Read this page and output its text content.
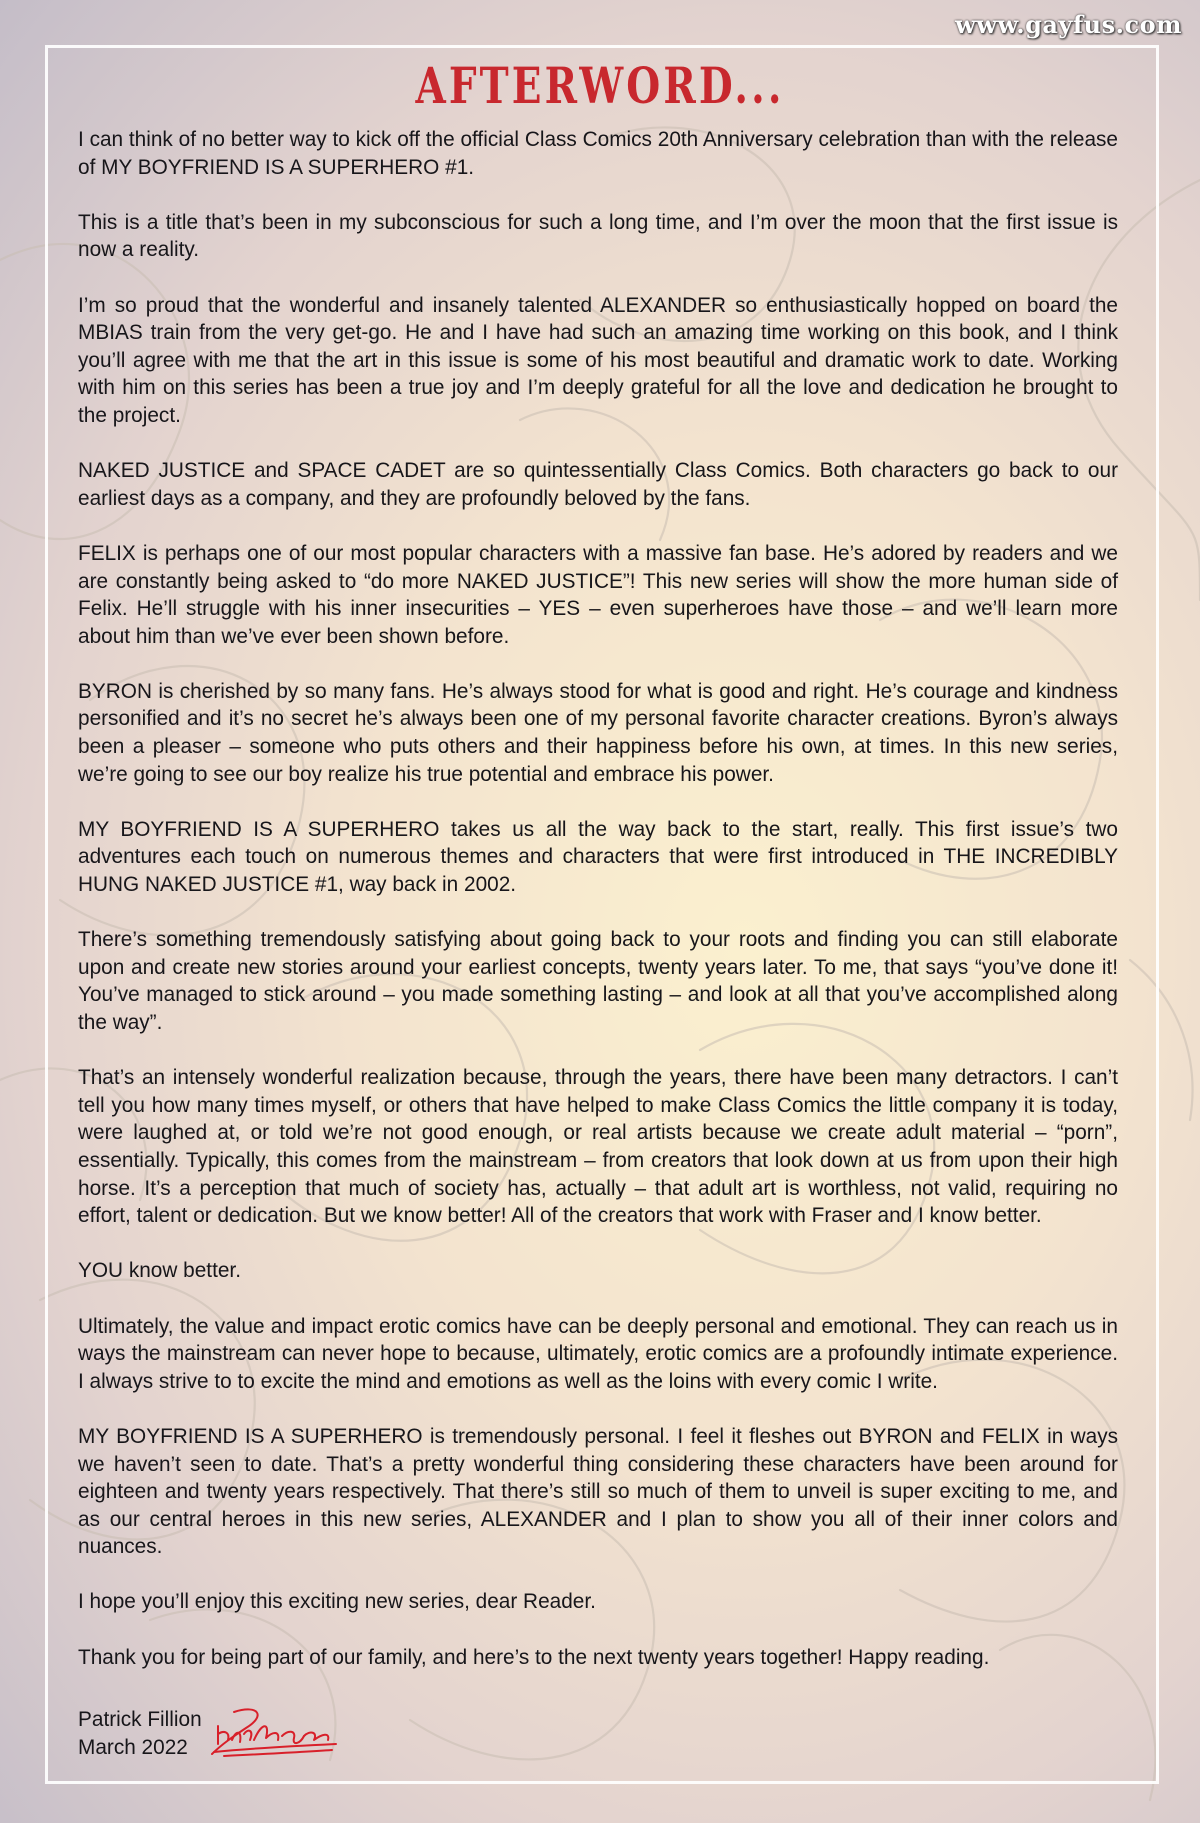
www.gayfus.com
AFTERWORD...

I can think of no better way to kick off the official Class Comics 20th Anniversary celebration than with the release of MY BOYFRIEND IS A SUPERHERO #1.

This is a title that’s been in my subconscious for such a long time, and I’m over the moon that the first issue is now a reality.

I’m so proud that the wonderful and insanely talented ALEXANDER so enthusiastically hopped on board the MBIAS train from the very get-go. He and I have had such an amazing time working on this book, and I think you’ll agree with me that the art in this issue is some of his most beautiful and dramatic work to date. Working with him on this series has been a true joy and I’m deeply grateful for all the love and dedication he brought to the project.

NAKED JUSTICE and SPACE CADET are so quintessentially Class Comics. Both characters go back to our earliest days as a company, and they are profoundly beloved by the fans.

FELIX is perhaps one of our most popular characters with a massive fan base. He’s adored by readers and we are constantly being asked to “do more NAKED JUSTICE”! This new series will show the more human side of Felix. He’ll struggle with his inner insecurities – YES – even superheroes have those – and we’ll learn more about him than we’ve ever been shown before.

BYRON is cherished by so many fans. He’s always stood for what is good and right. He’s courage and kindness personified and it’s no secret he’s always been one of my personal favorite character creations. Byron’s always been a pleaser – someone who puts others and their happiness before his own, at times. In this new series, we’re going to see our boy realize his true potential and embrace his power.

MY BOYFRIEND IS A SUPERHERO takes us all the way back to the start, really. This first issue’s two adventures each touch on numerous themes and characters that were first introduced in THE INCREDIBLY HUNG NAKED JUSTICE #1, way back in 2002.

There’s something tremendously satisfying about going back to your roots and finding you can still elaborate upon and create new stories around your earliest concepts, twenty years later. To me, that says “you’ve done it! You’ve managed to stick around – you made something lasting – and look at all that you’ve accomplished along the way”.

That’s an intensely wonderful realization because, through the years, there have been many detractors. I can’t tell you how many times myself, or others that have helped to make Class Comics the little company it is today, were laughed at, or told we’re not good enough, or real artists because we create adult material – “porn”, essentially. Typically, this comes from the mainstream – from creators that look down at us from upon their high horse. It’s a perception that much of society has, actually – that adult art is worthless, not valid, requiring no effort, talent or dedication. But we know better! All of the creators that work with Fraser and I know better.

YOU know better.

Ultimately, the value and impact erotic comics have can be deeply personal and emotional. They can reach us in ways the mainstream can never hope to because, ultimately, erotic comics are a profoundly intimate experience. I always strive to to excite the mind and emotions as well as the loins with every comic I write.

MY BOYFRIEND IS A SUPERHERO is tremendously personal. I feel it fleshes out BYRON and FELIX in ways we haven’t seen to date. That’s a pretty wonderful thing considering these characters have been around for eighteen and twenty years respectively. That there’s still so much of them to unveil is super exciting to me, and as our central heroes in this new series, ALEXANDER and I plan to show you all of their inner colors and nuances.

I hope you’ll enjoy this exciting new series, dear Reader.

Thank you for being part of our family, and here’s to the next twenty years together! Happy reading.

Patrick Fillion
March 2022
